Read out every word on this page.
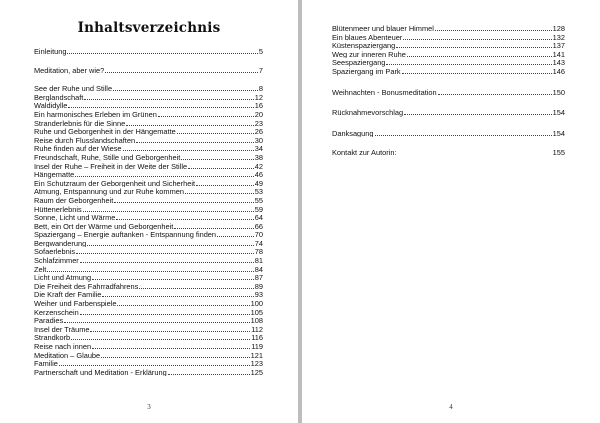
Inhaltsverzeichnis
Einleitung	5
Meditation, aber wie?	7
See der Ruhe und Stille	8
Berglandschaft	12
Waldidylle	16
Ein harmonisches Erleben im Grünen	20
Stranderlebnis für die Sinne	23
Ruhe und Geborgenheit in der Hängematte	26
Reise durch Flusslandschaften	30
Ruhe finden auf der Wiese	34
Freundschaft, Ruhe, Stille und Geborgenheit	38
Insel der Ruhe – Freiheit in der Weite der Stille	42
Hängematte	46
Ein Schutzraum der Geborgenheit und Sicherheit	49
Atmung, Entspannung und zur Ruhe kommen	53
Raum der Geborgenheit	55
Hüttenerlebnis	59
Sonne, Licht und Wärme	64
Bett, ein Ort der Wärme und Geborgenheit	66
Spaziergang – Energie auftanken - Entspannung finden	70
Bergwanderung	74
Sofaerlebnis	78
Schlafzimmer	81
Zelt	84
Licht und Atmung	87
Die Freiheit des Fahrradfahrens	89
Die Kraft der Familie	93
Weiher und Farbenspiele	100
Kerzenschein	105
Paradies	108
Insel der Träume	112
Strandkorb	116
Reise nach innen	119
Meditation – Glaube	121
Familie	123
Partnerschaft und Meditation - Erklärung	125
3
Blütenmeer und blauer Himmel	128
Ein blaues Abenteuer	132
Küstenspaziergang	137
Weg zur inneren Ruhe	141
Seespaziergang	143
Spaziergang im Park	146
Weihnachten - Bonusmeditation	150
Rücknahmevorschlag	154
Danksagung	154
Kontakt zur Autorin:	155
4
